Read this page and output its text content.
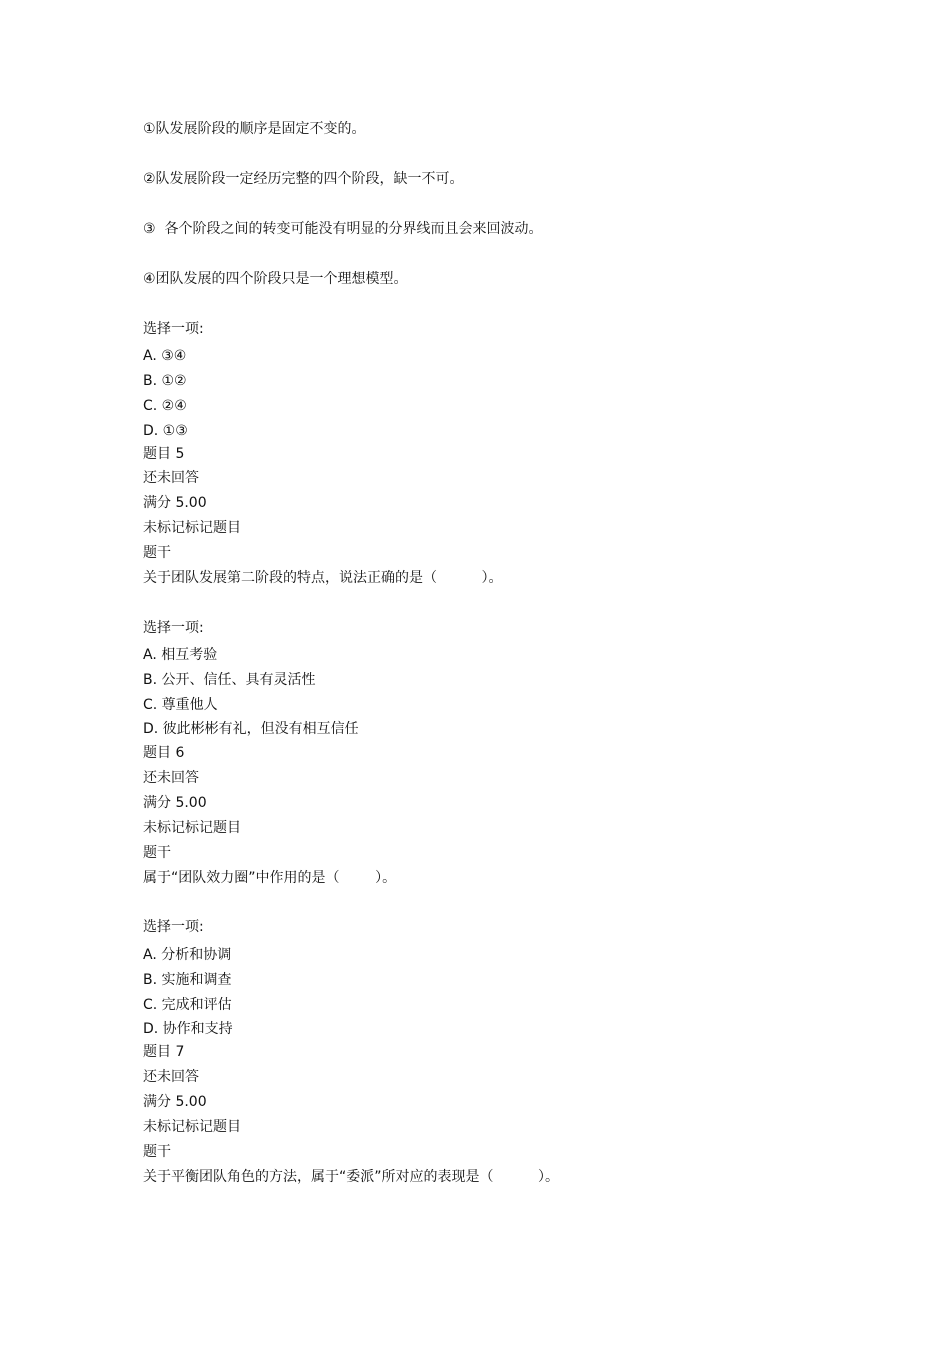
①队发展阶段的顺序是固定不变的。

②队发展阶段一定经历完整的四个阶段，缺一不可。

③  各个阶段之间的转变可能没有明显的分界线而且会来回波动。

④团队发展的四个阶段只是一个理想模型。

选择一项:

A. ③④

B. ①②

C. ②④

D. ①③

题目 5

还未回答

满分 5.00

未标记标记题目

题干

关于团队发展第二阶段的特点，说法正确的是（          ）。

选择一项:

A. 相互考验

B. 公开、信任、具有灵活性

C. 尊重他人

D. 彼此彬彬有礼，但没有相互信任

题目 6

还未回答

满分 5.00

未标记标记题目

题干

属于“团队效力圈”中作用的是（        ）。

选择一项:

A. 分析和协调

B. 实施和调查

C. 完成和评估

D. 协作和支持

题目 7

还未回答

满分 5.00

未标记标记题目

题干

关于平衡团队角色的方法，属于“委派”所对应的表现是（          ）。
